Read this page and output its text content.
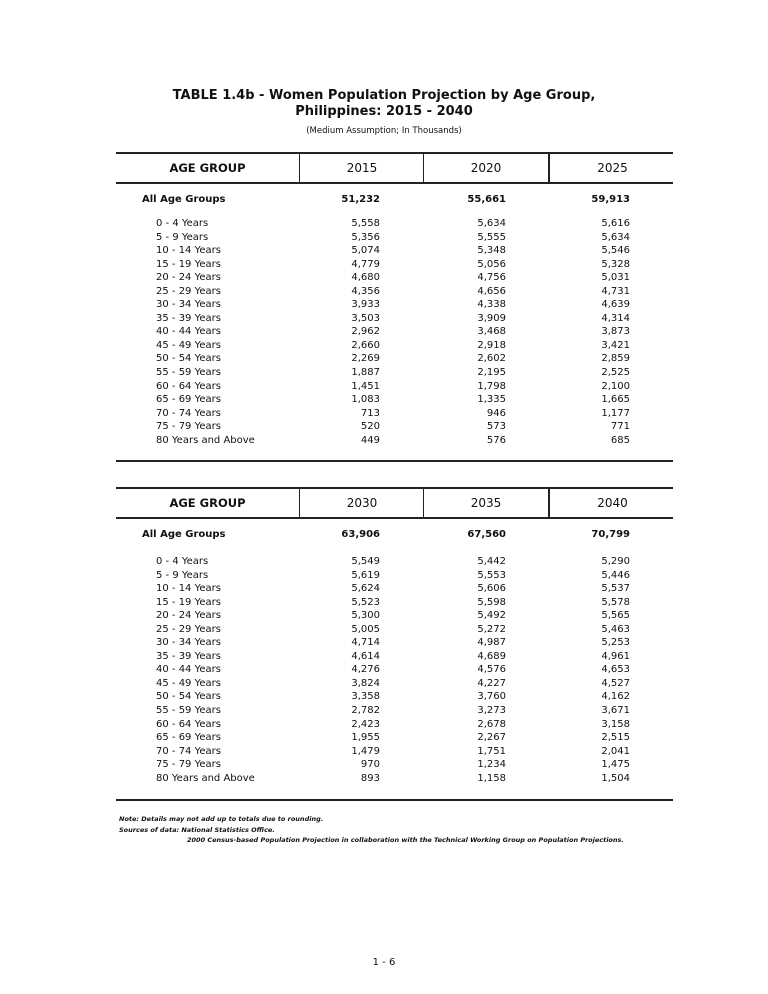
TABLE 1.4b - Women Population Projection by Age Group,
Philippines: 2015 - 2040
(Medium Assumption; In Thousands)
AGE GROUP	2015	2020	2025
All Age Groups	51,232	55,661	59,913
0 - 4 Years	5,558	5,634	5,616
5 - 9 Years	5,356	5,555	5,634
10 - 14 Years	5,074	5,348	5,546
15 - 19 Years	4,779	5,056	5,328
20 - 24 Years	4,680	4,756	5,031
25 - 29 Years	4,356	4,656	4,731
30 - 34 Years	3,933	4,338	4,639
35 - 39 Years	3,503	3,909	4,314
40 - 44 Years	2,962	3,468	3,873
45 - 49 Years	2,660	2,918	3,421
50 - 54 Years	2,269	2,602	2,859
55 - 59 Years	1,887	2,195	2,525
60 - 64 Years	1,451	1,798	2,100
65 - 69 Years	1,083	1,335	1,665
70 - 74 Years	713	946	1,177
75 - 79 Years	520	573	771
80 Years and Above	449	576	685
AGE GROUP	2030	2035	2040
All Age Groups	63,906	67,560	70,799
0 - 4 Years	5,549	5,442	5,290
5 - 9 Years	5,619	5,553	5,446
10 - 14 Years	5,624	5,606	5,537
15 - 19 Years	5,523	5,598	5,578
20 - 24 Years	5,300	5,492	5,565
25 - 29 Years	5,005	5,272	5,463
30 - 34 Years	4,714	4,987	5,253
35 - 39 Years	4,614	4,689	4,961
40 - 44 Years	4,276	4,576	4,653
45 - 49 Years	3,824	4,227	4,527
50 - 54 Years	3,358	3,760	4,162
55 - 59 Years	2,782	3,273	3,671
60 - 64 Years	2,423	2,678	3,158
65 - 69 Years	1,955	2,267	2,515
70 - 74 Years	1,479	1,751	2,041
75 - 79 Years	970	1,234	1,475
80 Years and Above	893	1,158	1,504
Note: Details may not add up to totals due to rounding.
Sources of data: National Statistics Office.
2000 Census-based Population Projection in collaboration with the Technical Working Group on Population Projections.
1 - 6
